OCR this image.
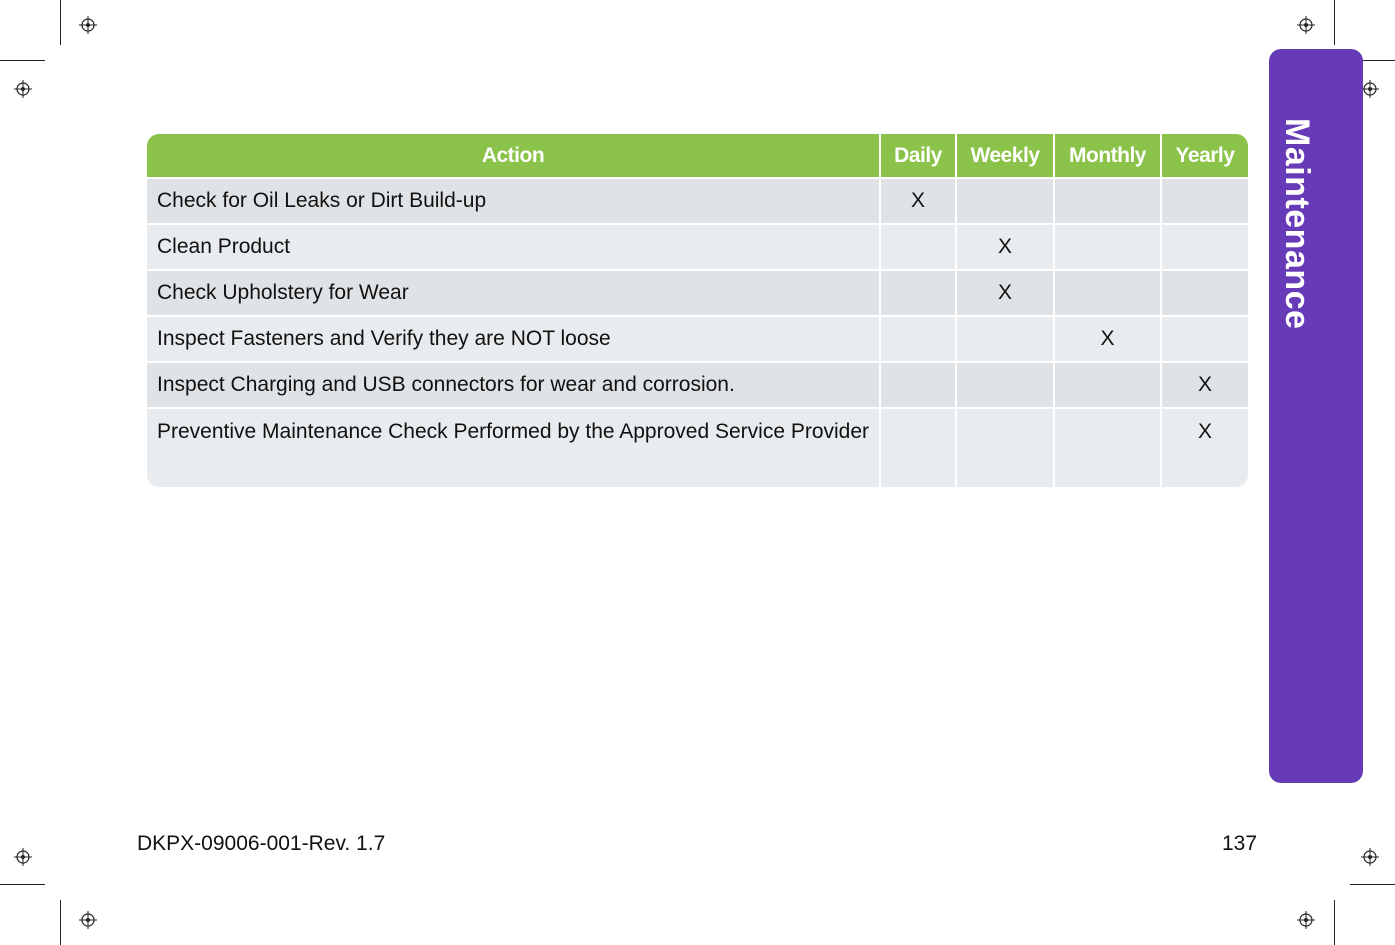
Maintenance
Action	Daily	Weekly	Monthly	Yearly
Check for Oil Leaks or Dirt Build-up	X			
Clean Product		X		
Check Upholstery for Wear		X		
Inspect Fasteners and Verify they are NOT loose			X	
Inspect Charging and USB connectors for wear and corrosion.				X
Preventive Maintenance Check Performed by the Approved Service Provider				X
DKPX-09006-001-Rev. 1.7	137
